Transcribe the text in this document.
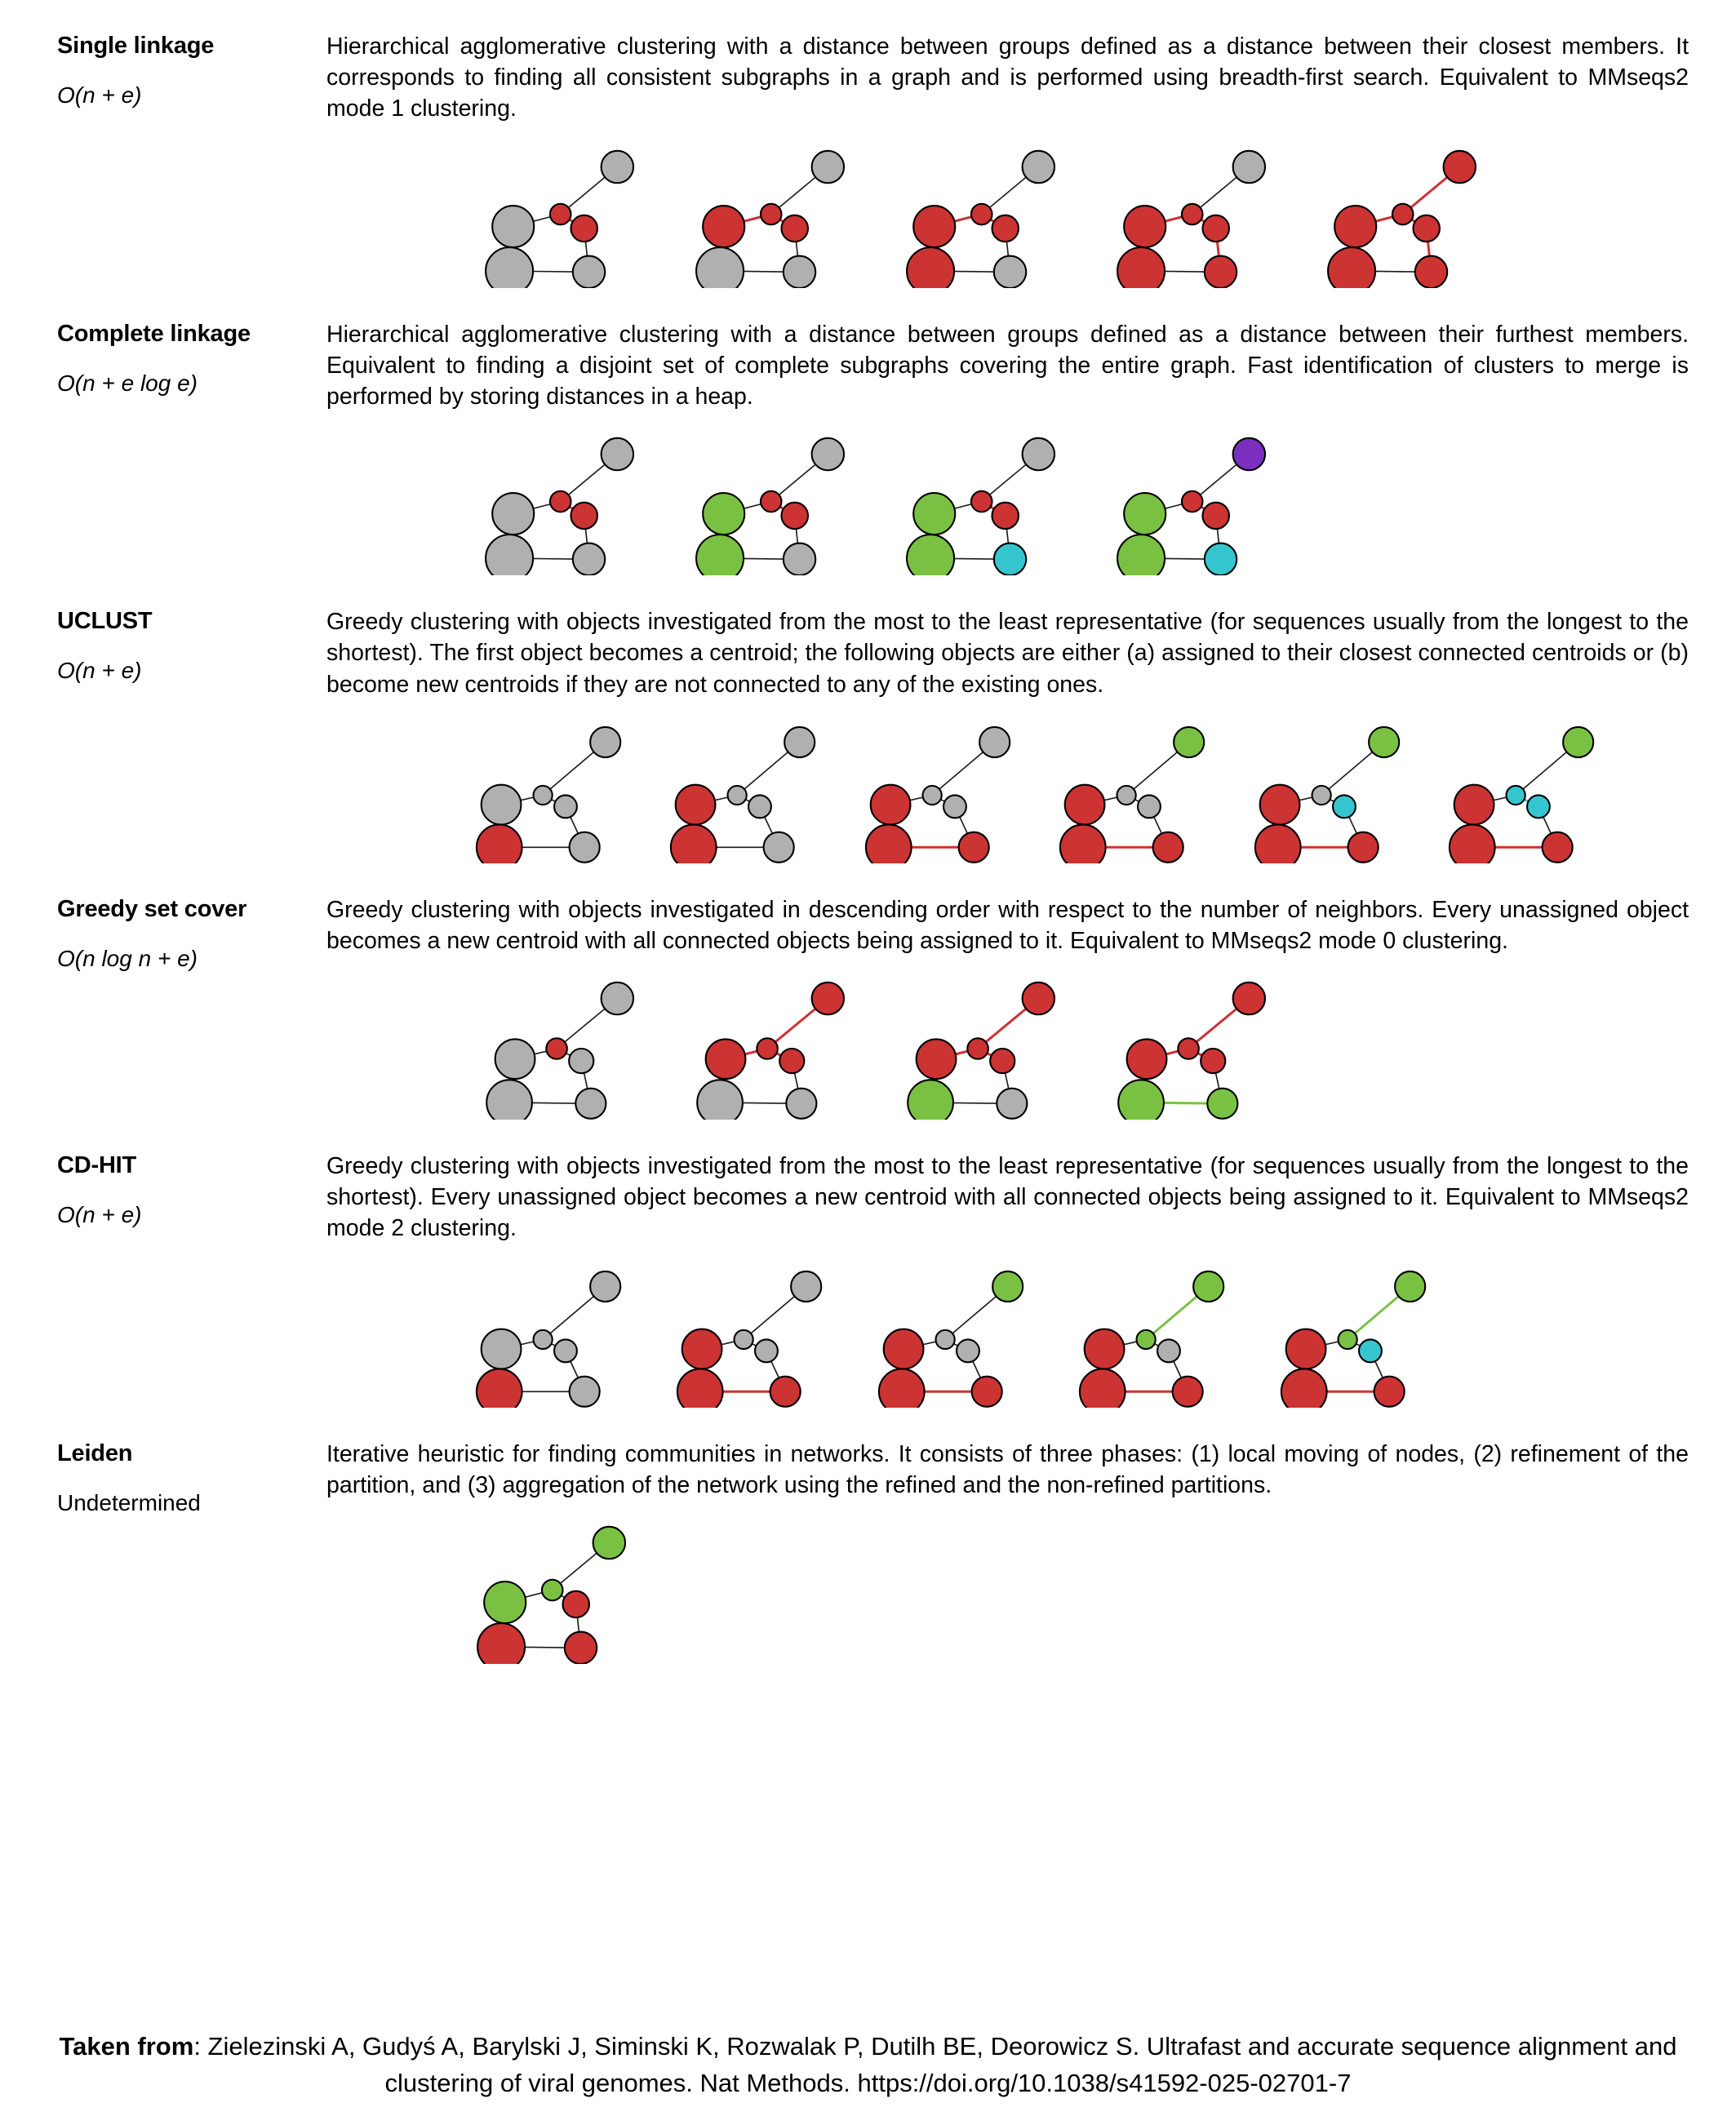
Single linkage
O(n + e)

Hierarchical agglomerative clustering with a distance between groups defined as a distance between their closest members. It corresponds to finding all consistent subgraphs in a graph and is performed using breadth-first search. Equivalent to MMseqs2 mode 1 clustering.

Complete linkage
O(n + e log e)

Hierarchical agglomerative clustering with a distance between groups defined as a distance between their furthest members. Equivalent to finding a disjoint set of complete subgraphs covering the entire graph. Fast identification of clusters to merge is performed by storing distances in a heap.

UCLUST
O(n + e)

Greedy clustering with objects investigated from the most to the least representative (for sequences usually from the longest to the shortest). The first object becomes a centroid; the following objects are either (a) assigned to their closest connected centroids or (b) become new centroids if they are not connected to any of the existing ones.

Greedy set cover
O(n log n + e)

Greedy clustering with objects investigated in descending order with respect to the number of neighbors. Every unassigned object becomes a new centroid with all connected objects being assigned to it. Equivalent to MMseqs2 mode 0 clustering.

CD-HIT
O(n + e)

Greedy clustering with objects investigated from the most to the least representative (for sequences usually from the longest to the shortest). Every unassigned object becomes a new centroid with all connected objects being assigned to it. Equivalent to MMseqs2 mode 2 clustering.

Leiden
Undetermined

Iterative heuristic for finding communities in networks. It consists of three phases: (1) local moving of nodes, (2) refinement of the partition, and (3) aggregation of the network using the refined and the non-refined partitions.

Taken from: Zielezinski A, Gudyś A, Barylski J, Siminski K, Rozwalak P, Dutilh BE, Deorowicz S. Ultrafast and accurate sequence alignment and clustering of viral genomes. Nat Methods. https://doi.org/10.1038/s41592-025-02701-7
